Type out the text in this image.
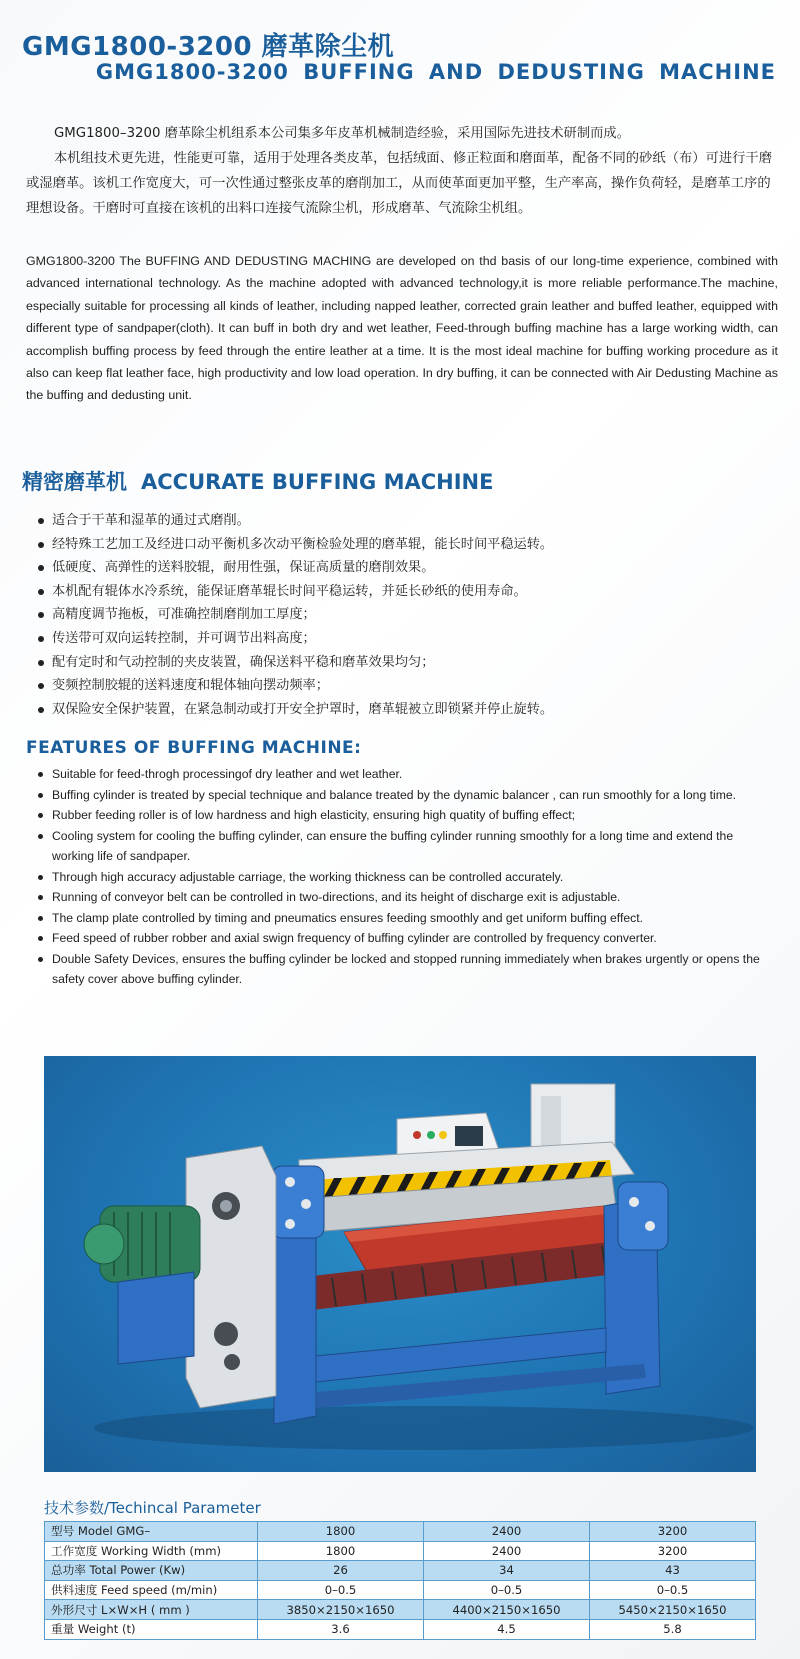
GMG1800-3200 磨革除尘机
GMG1800-3200 BUFFING AND DEDUSTING MACHINE

GMG1800–3200 磨革除尘机组系本公司集多年皮革机械制造经验，采用国际先进技术研制而成。

本机组技术更先进，性能更可靠，适用于处理各类皮革，包括绒面、修正粒面和磨面革，配备不同的砂纸（布）可进行干磨或湿磨革。该机工作宽度大，可一次性通过整张皮革的磨削加工，从而使革面更加平整，生产率高，操作负荷轻，是磨革工序的理想设备。干磨时可直接在该机的出料口连接气流除尘机，形成磨革、气流除尘机组。

GMG1800-3200 The BUFFING AND DEDUSTING MACHING are developed on thd basis of our long-time experience, combined with advanced international technology. As the machine adopted with advanced technology,it is more reliable performance.The machine, especially suitable for processing all kinds of leather, including napped leather, corrected grain leather and buffed leather, equipped with different type of sandpaper(cloth). It can buff in both dry and wet leather, Feed-through buffing machine has a large working width, can accomplish buffing process by feed through the entire leather at a time. It is the most ideal machine for buffing working procedure as it also can keep flat leather face, high productivity and low load operation. In dry buffing, it can be connected with Air Dedusting Machine as the buffing and dedusting unit.

精密磨革机 ACCURATE BUFFING MACHINE
适合于干革和湿革的通过式磨削。
经特殊工艺加工及经进口动平衡机多次动平衡检验处理的磨革辊，能长时间平稳运转。
低硬度、高弹性的送料胶辊，耐用性强，保证高质量的磨削效果。
本机配有辊体水冷系统，能保证磨革辊长时间平稳运转，并延长砂纸的使用寿命。
高精度调节拖板，可准确控制磨削加工厚度；
传送带可双向运转控制，并可调节出料高度；
配有定时和气动控制的夹皮装置，确保送料平稳和磨革效果均匀；
变频控制胶辊的送料速度和辊体轴向摆动频率；
双保险安全保护装置，在紧急制动或打开安全护罩时，磨革辊被立即锁紧并停止旋转。
FEATURES OF BUFFING MACHINE:
Suitable for feed-throgh processingof dry leather and wet leather.
Buffing cylinder is treated by special technique and balance treated by the dynamic balancer , can run smoothly for a long time.
Rubber feeding roller is of low hardness and high elasticity, ensuring high quatity of buffing effect;
Cooling system for cooling the buffing cylinder, can ensure the buffing cylinder running smoothly for a long time and extend the working life of sandpaper.
Through high accuracy adjustable carriage, the working thickness can be controlled accurately.
Running of conveyor belt can be controlled in two-directions, and its height of discharge exit is adjustable.
The clamp plate controlled by timing and pneumatics ensures feeding smoothly and get uniform buffing effect.
Feed speed of rubber robber and axial swign frequency of buffing cylinder are controlled by frequency converter.
Double Safety Devices, ensures the buffing cylinder be locked and stopped running immediately when brakes urgently or opens the safety cover above buffing cylinder.
技术参数/Techincal Parameter
型号 Model GMG–	1800	2400	3200
工作宽度 Working Width (mm)	1800	2400	3200
总功率 Total Power (Kw)	26	34	43
供料速度 Feed speed (m/min)	0–0.5	0–0.5	0–0.5
外形尺寸 L×W×H ( mm )	3850×2150×1650	4400×2150×1650	5450×2150×1650
重量 Weight (t)	3.6	4.5	5.8
